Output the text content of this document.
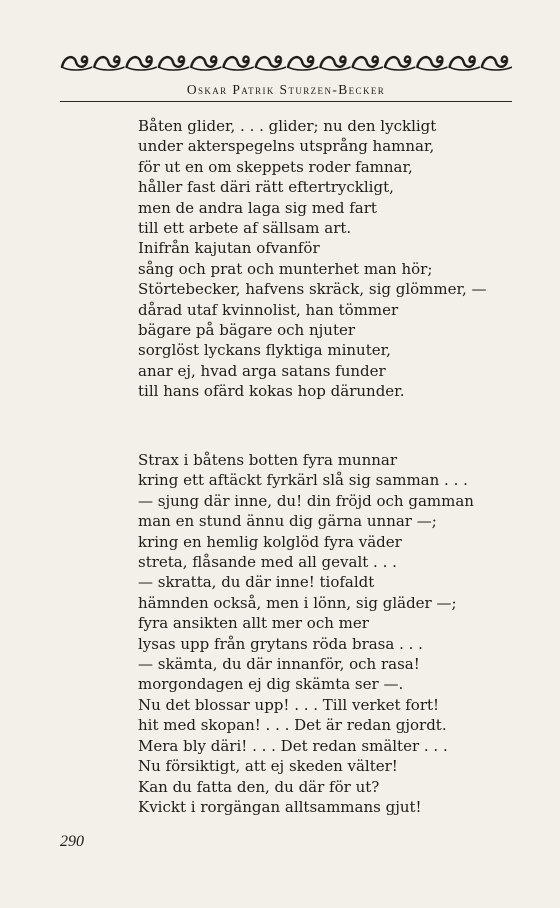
Oskar Patrik Sturzen-Becker
Båten glider, . . . glider; nu den lyckligt
under akterspegelns utsprång hamnar,
för ut en om skeppets roder famnar,
håller fast däri rätt eftertryckligt,
men de andra laga sig med fart
till ett arbete af sällsam art.
Inifrån kajutan ofvanför
sång och prat och munterhet man hör;
Störtebecker, hafvens skräck, sig glömmer, —
dårad utaf kvinnolist, han tömmer
bägare på bägare och njuter
sorglöst lyckans flyktiga minuter,
anar ej, hvad arga satans funder
till hans ofärd kokas hop därunder.
Strax i båtens botten fyra munnar
kring ett aftäckt fyrkärl slå sig samman . . .
— sjung där inne, du! din fröjd och gamman
man en stund ännu dig gärna unnar —;
kring en hemlig kolglöd fyra väder
streta, flåsande med all gevalt . . .
— skratta, du där inne! tiofaldt
hämnden också, men i lönn, sig gläder —;
fyra ansikten allt mer och mer
lysas upp från grytans röda brasa . . .
— skämta, du där innanför, och rasa!
morgondagen ej dig skämta ser —.
Nu det blossar upp! . . . Till verket fort!
hit med skopan! . . . Det är redan gjordt.
Mera bly däri! . . . Det redan smälter . . .
Nu försiktigt, att ej skeden välter!
Kan du fatta den, du där för ut?
Kvickt i rorgängan alltsammans gjut!
290
